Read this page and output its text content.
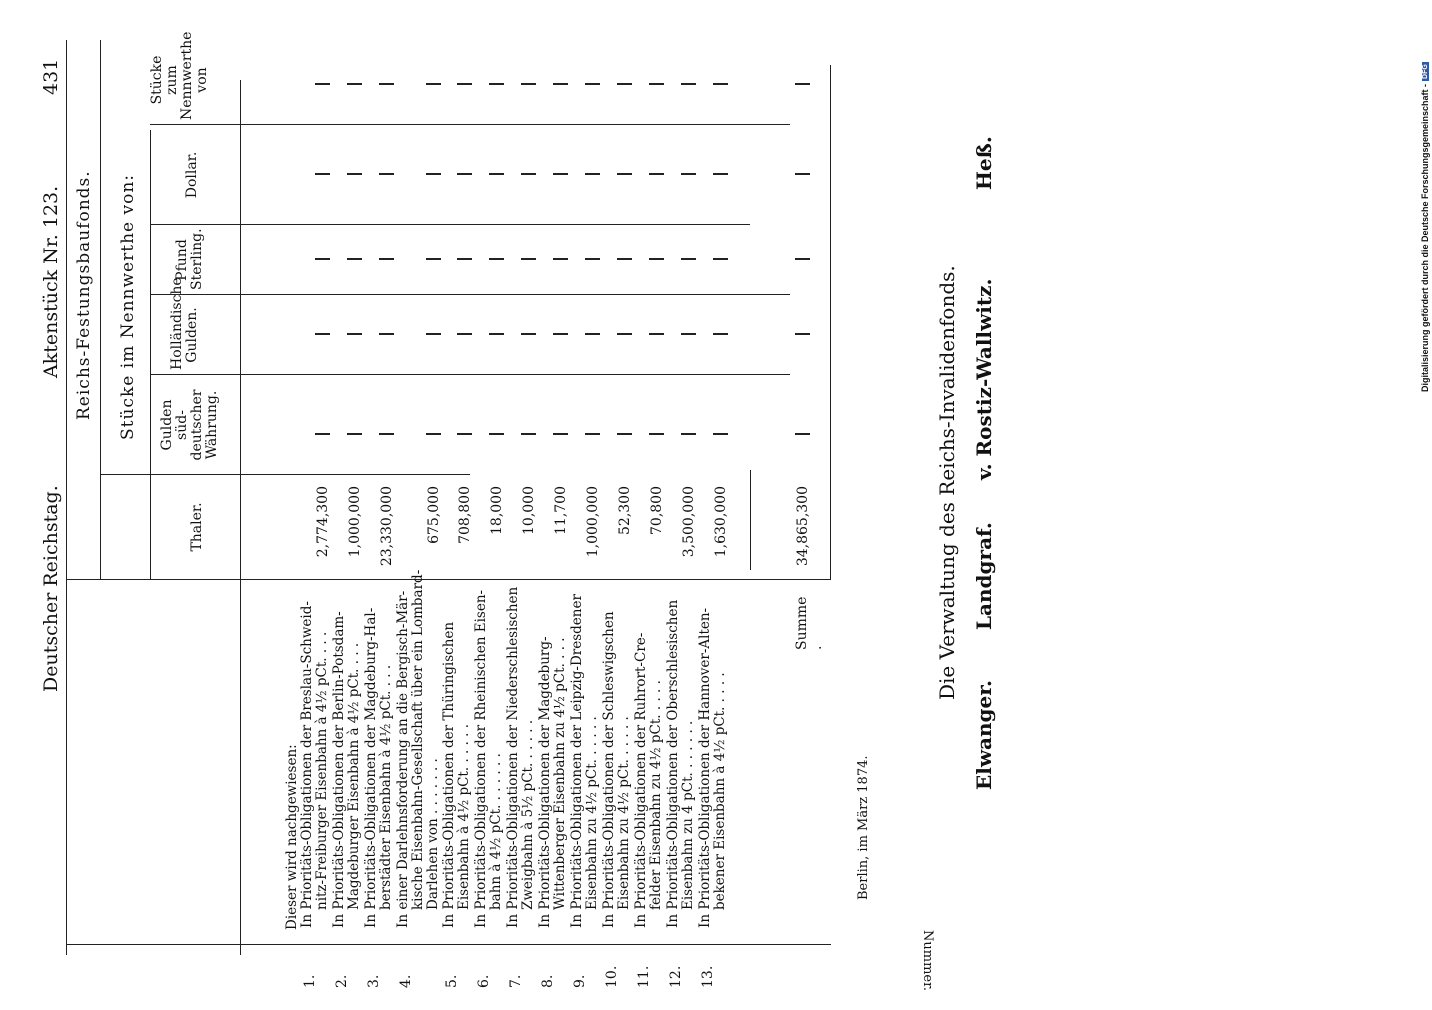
Deutscher Reichstag.
Aktenstück Nr. 123.
431
Reichs-Festungsbaufonds. Stücke im Nennwerthe von:
Nummer.
Thaler.
Gulden süd-deutscher Währung.
Holländische Gulden.
Pfund Sterling.
Dollar.
Stücke zum Nennwerthe von
Dieser wird nachgewiesen:
1.
In Prioritäts-Obligationen der Breslau-Schweid- nitz-Freiburger Eisenbahn à 4½ pCt. . . .
2,774,300
2.
In Prioritäts-Obligationen der Berlin-Potsdam- Magdeburger Eisenbahn à 4½ pCt. . . .
1,000,000
3.
In Prioritäts-Obligationen der Magdeburg-Hal- berstädter Eisenbahn à 4½ pCt. . . .
23,330,000
4.
In einer Darlehnsforderung an die Bergisch-Mär- kische Eisenbahn-Gesellschaft über ein Lombard- Darlehen von . . . . . . .
675,000
5.
In Prioritäts-Obligationen der Thüringischen Eisenbahn à 4½ pCt. . . . . .
708,800
6.
In Prioritäts-Obligationen der Rheinischen Eisen- bahn à 4½ pCt. . . . . . .
18,000
7.
In Prioritäts-Obligationen der Niederschlesischen Zweigbahn à 5½ pCt. . . . . .
10,000
8.
In Prioritäts-Obligationen der Magdeburg- Wittenberger Eisenbahn zu 4½ pCt. . . .
11,700
9.
In Prioritäts-Obligationen der Leipzig-Dresdener Eisenbahn zu 4½ pCt. . . . . .
1,000,000
10.
In Prioritäts-Obligationen der Schleswigschen Eisenbahn zu 4½ pCt. . . . . .
52,300
11.
In Prioritäts-Obligationen der Ruhrort-Cre- felder Eisenbahn zu 4½ pCt. . . . .
70,800
12.
In Prioritäts-Obligationen der Oberschlesischen Eisenbahn zu 4 pCt. . . . . . .
3,500,000
13.
In Prioritäts-Obligationen der Hannover-Alten- bekener Eisenbahn à 4½ pCt. . . . .
1,630,000
Summe .
34,865,300
Berlin, im März 1874.
Die Verwaltung des Reichs-Invalidenfonds.
Elwanger.
Landgraf.
v. Rostiz-Wallwitz.
Heß.	Digitalisierung gefördert durch die Deutsche Forschungsgemeinschaft -
DFG
